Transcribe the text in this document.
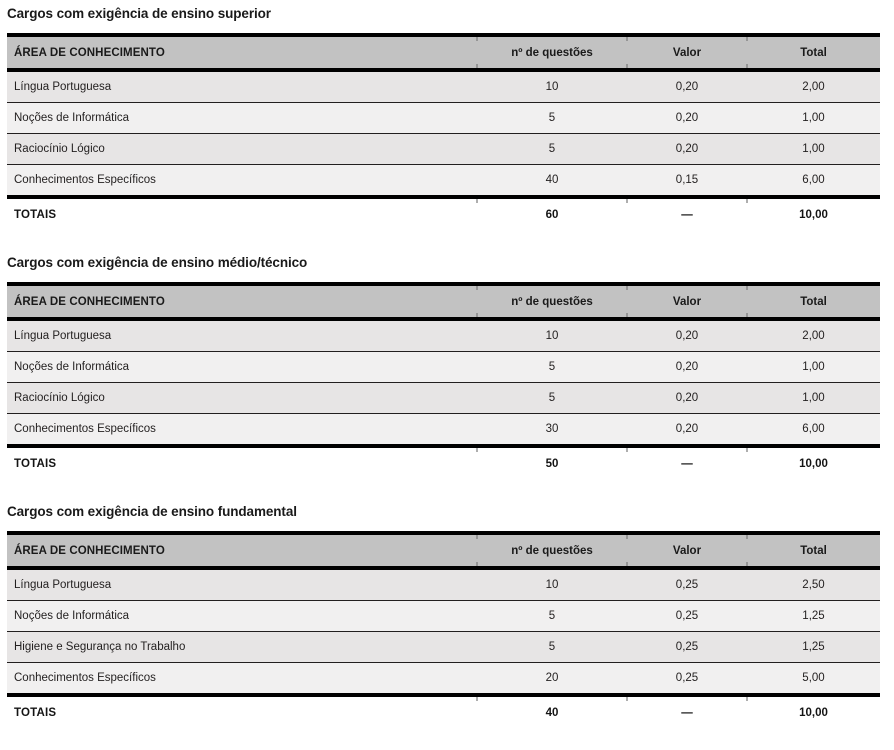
Cargos com exigência de ensino superior
ÁREA DE CONHECIMENTO	nº de questões	Valor	Total
Língua Portuguesa	10	0,20	2,00
Noções de Informática	5	0,20	1,00
Raciocínio Lógico	5	0,20	1,00
Conhecimentos Específicos	40	0,15	6,00
TOTAIS	60	—	10,00
Cargos com exigência de ensino médio/técnico
ÁREA DE CONHECIMENTO	nº de questões	Valor	Total
Língua Portuguesa	10	0,20	2,00
Noções de Informática	5	0,20	1,00
Raciocínio Lógico	5	0,20	1,00
Conhecimentos Específicos	30	0,20	6,00
TOTAIS	50	—	10,00
Cargos com exigência de ensino fundamental
ÁREA DE CONHECIMENTO	nº de questões	Valor	Total
Língua Portuguesa	10	0,25	2,50
Noções de Informática	5	0,25	1,25
Higiene e Segurança no Trabalho	5	0,25	1,25
Conhecimentos Específicos	20	0,25	5,00
TOTAIS	40	—	10,00
